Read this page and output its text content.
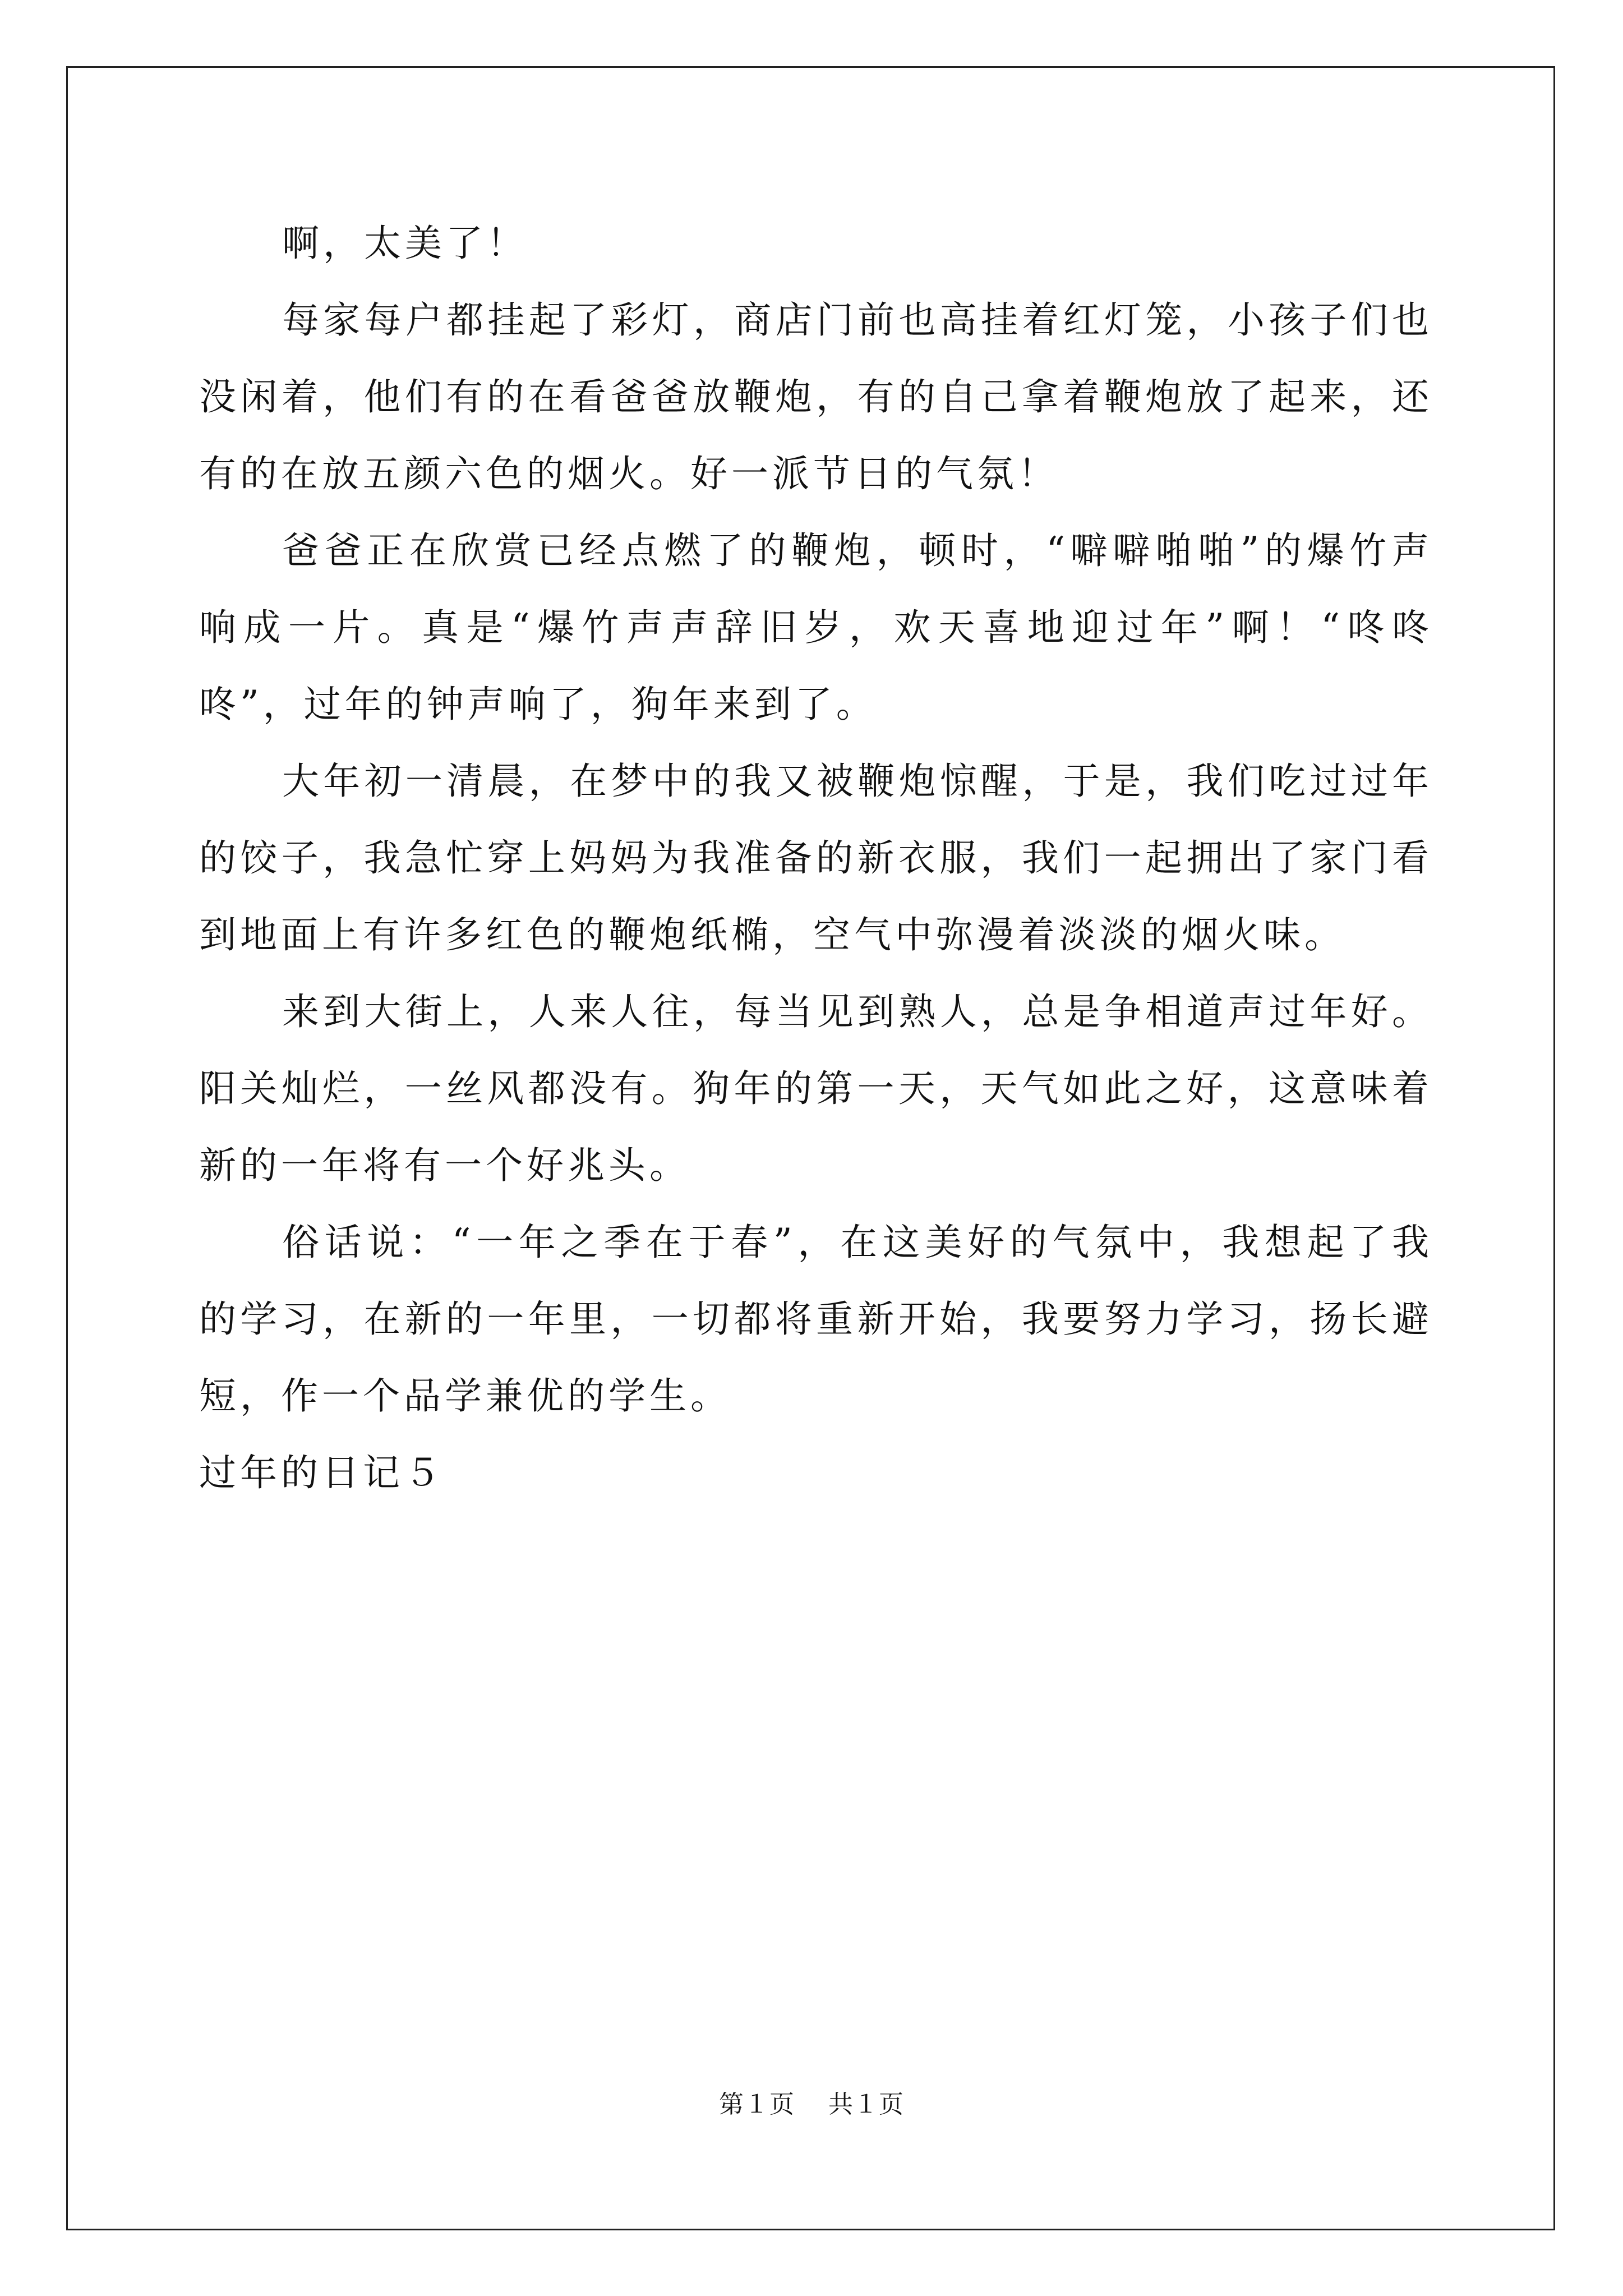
啊，太美了！

每家每户都挂起了彩灯，商店门前也高挂着红灯笼，小孩子们也没闲着，他们有的在看爸爸放鞭炮，有的自己拿着鞭炮放了起来，还有的在放五颜六色的烟火。好一派节日的气氛！

爸爸正在欣赏已经点燃了的鞭炮，顿时，“噼噼啪啪”的爆竹声响成一片。真是“爆竹声声辞旧岁，欢天喜地迎过年”啊！“咚咚咚”，过年的钟声响了，狗年来到了。

大年初一清晨，在梦中的我又被鞭炮惊醒，于是，我们吃过过年的饺子，我急忙穿上妈妈为我准备的新衣服，我们一起拥出了家门看到地面上有许多红色的鞭炮纸椭，空气中弥漫着淡淡的烟火味。

来到大街上，人来人往，每当见到熟人，总是争相道声过年好。阳关灿烂，一丝风都没有。狗年的第一天，天气如此之好，这意味着新的一年将有一个好兆头。

俗话说：“一年之季在于春”，在这美好的气氛中，我想起了我的学习，在新的一年里，一切都将重新开始，我要努力学习，扬长避短，作一个品学兼优的学生。

过年的日记５

第１页 共１页
